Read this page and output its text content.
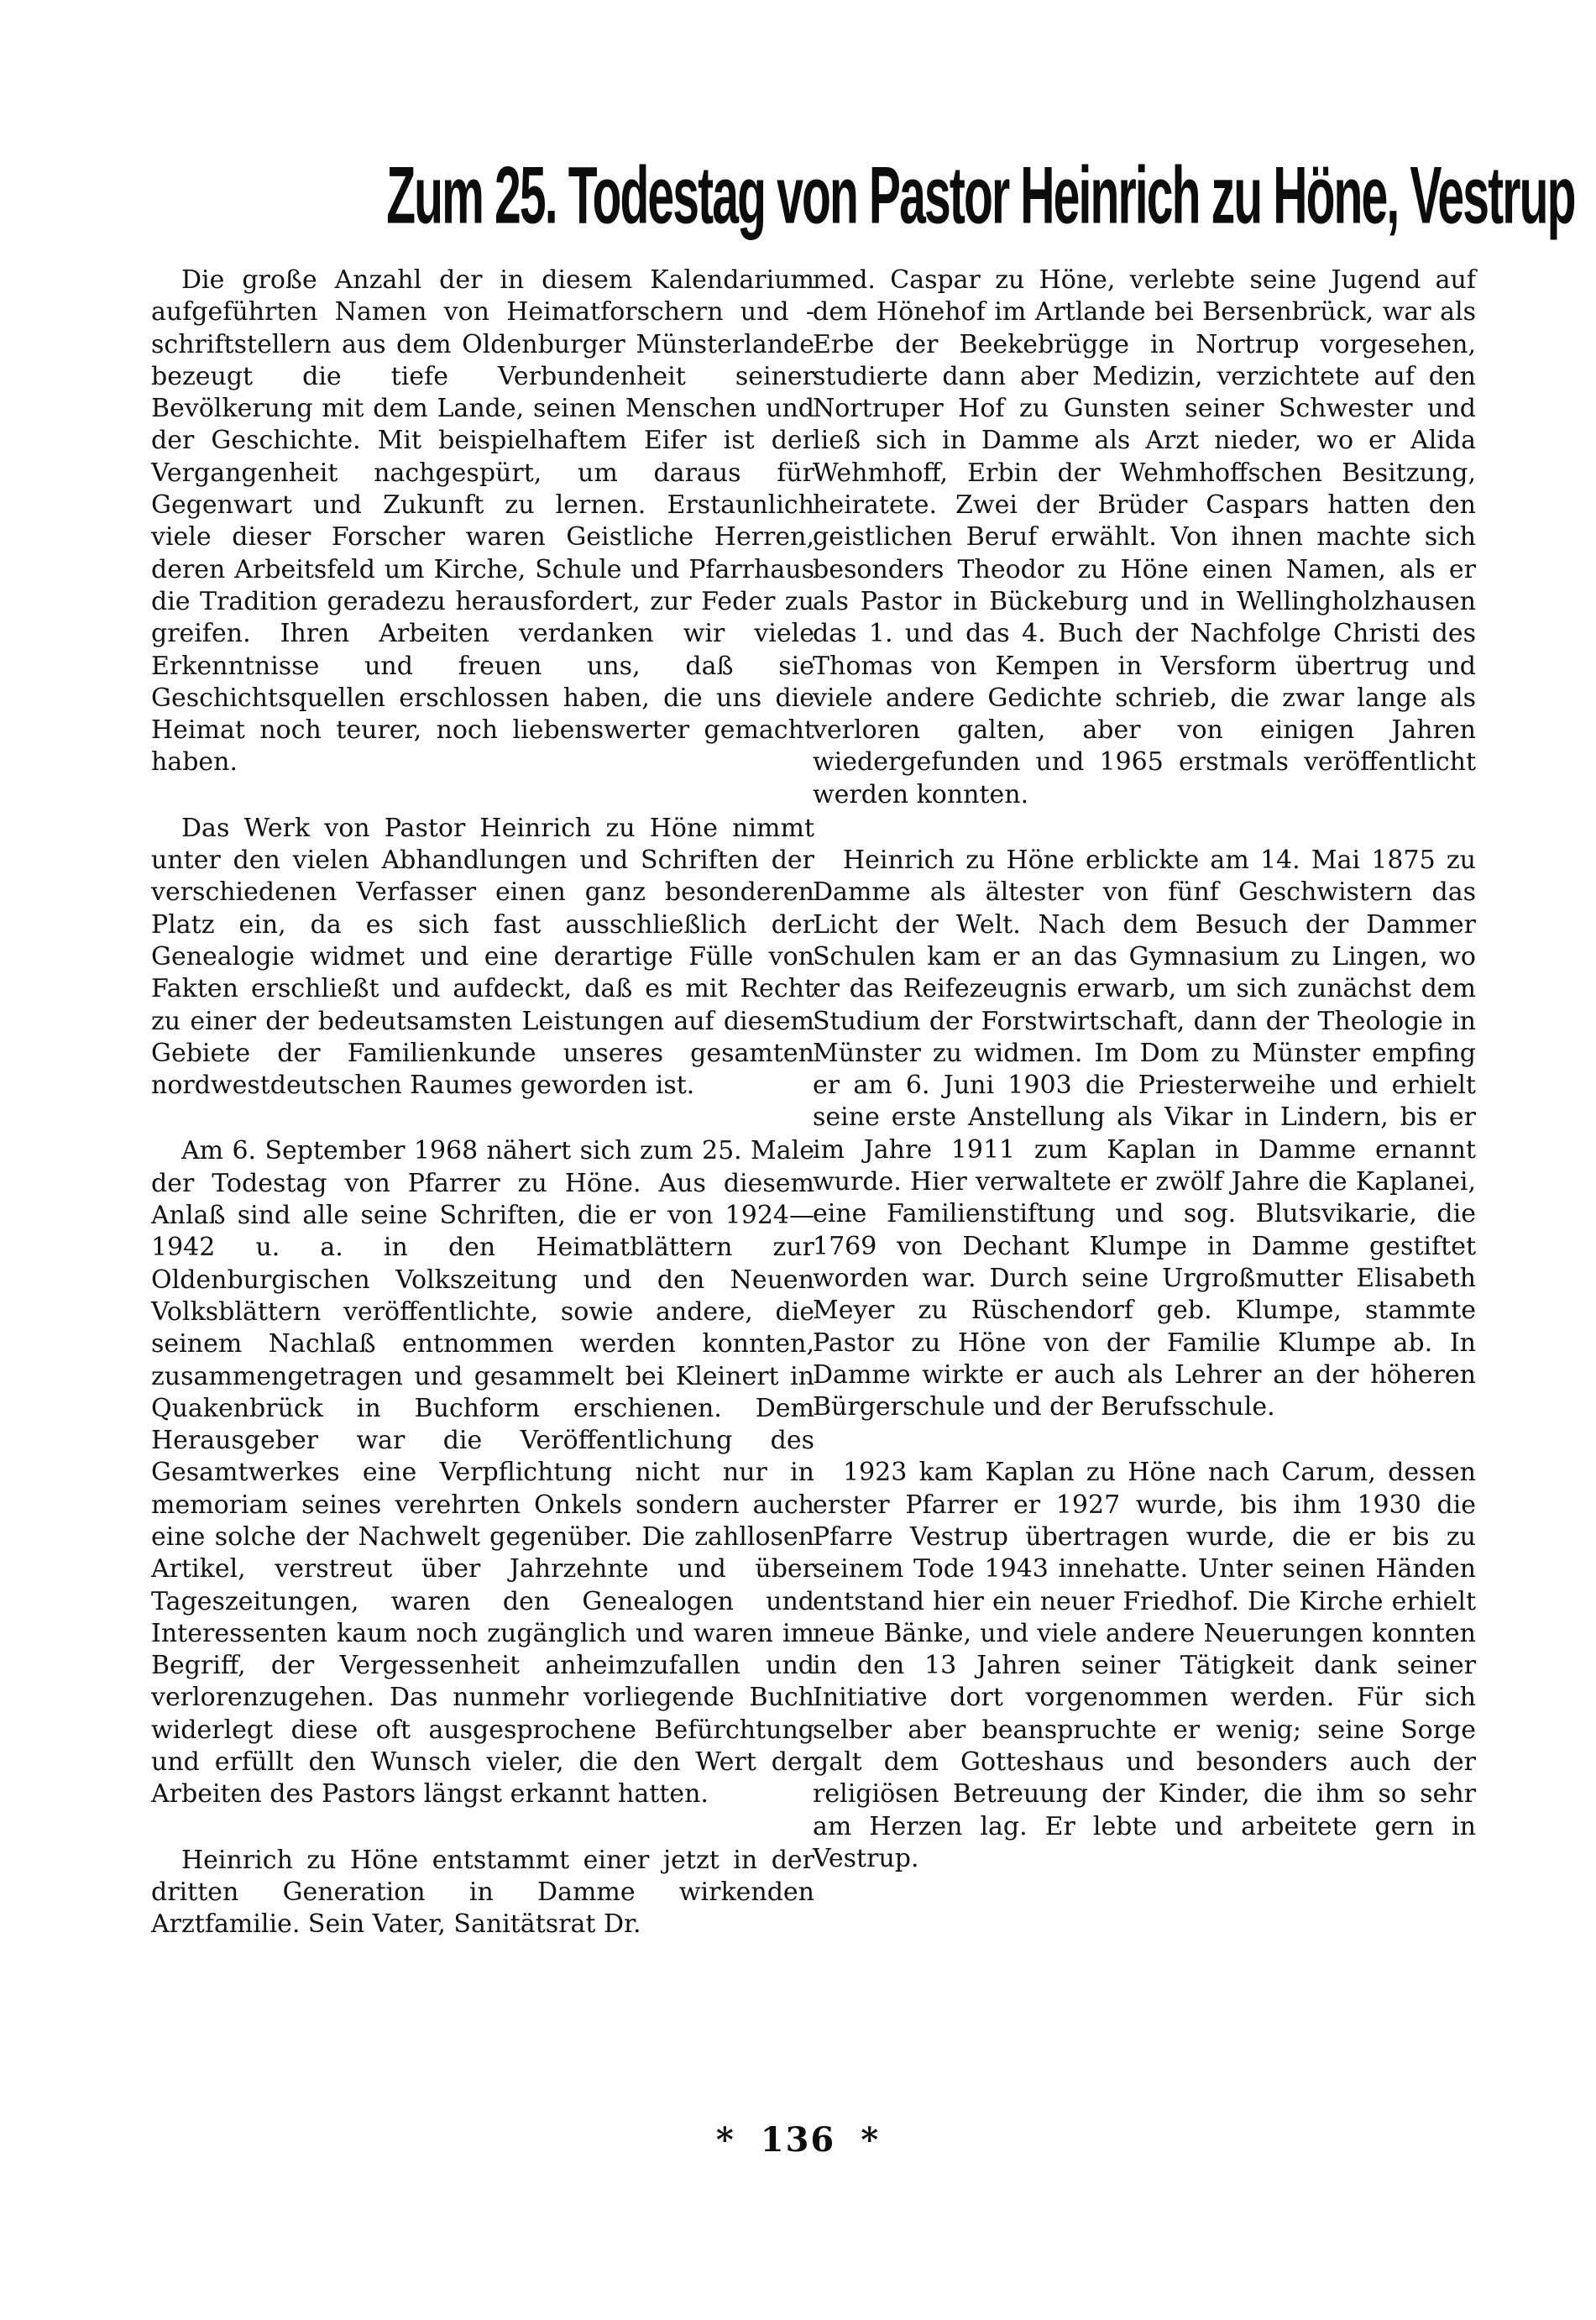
Zum 25. Todestag von Pastor Heinrich zu Höne, Vestrup

Die große Anzahl der in diesem Kalendarium aufgeführten Namen von Heimatforschern und -schriftstellern aus dem Oldenburger Münsterlande bezeugt die tiefe Verbundenheit seiner Bevölkerung mit dem Lande, seinen Menschen und der Geschichte. Mit beispielhaftem Eifer ist der Vergangenheit nachgespürt, um daraus für Gegenwart und Zukunft zu lernen. Erstaunlich viele dieser Forscher waren Geistliche Herren, deren Arbeitsfeld um Kirche, Schule und Pfarrhaus die Tradition geradezu herausfordert, zur Feder zu greifen. Ihren Arbeiten verdanken wir viele Erkenntnisse und freuen uns, daß sie Geschichtsquellen erschlossen haben, die uns die Heimat noch teurer, noch liebenswerter gemacht haben.

Das Werk von Pastor Heinrich zu Höne nimmt unter den vielen Abhandlungen und Schriften der verschiedenen Verfasser einen ganz besonderen Platz ein, da es sich fast ausschließlich der Genealogie widmet und eine derartige Fülle von Fakten erschließt und aufdeckt, daß es mit Recht zu einer der bedeutsamsten Leistungen auf diesem Gebiete der Familienkunde unseres gesamten nordwestdeutschen Raumes geworden ist.

Am 6. September 1968 nähert sich zum 25. Male der Todestag von Pfarrer zu Höne. Aus diesem Anlaß sind alle seine Schriften, die er von 1924—1942 u. a. in den Heimatblättern zur Oldenburgischen Volkszeitung und den Neuen Volksblättern veröffentlichte, sowie andere, die seinem Nachlaß entnommen werden konnten, zusammengetragen und gesammelt bei Kleinert in Quakenbrück in Buchform erschienen. Dem Herausgeber war die Veröffentlichung des Gesamtwerkes eine Verpflichtung nicht nur in memoriam seines verehrten Onkels sondern auch eine solche der Nachwelt gegenüber. Die zahllosen Artikel, verstreut über Jahrzehnte und über Tageszeitungen, waren den Genealogen und Interessenten kaum noch zugänglich und waren im Begriff, der Vergessenheit anheimzufallen und verlorenzugehen. Das nunmehr vorliegende Buch widerlegt diese oft ausgesprochene Befürchtung und erfüllt den Wunsch vieler, die den Wert der Arbeiten des Pastors längst erkannt hatten.

Heinrich zu Höne entstammt einer jetzt in der dritten Generation in Damme wirkenden Arztfamilie. Sein Vater, Sanitätsrat Dr.

med. Caspar zu Höne, verlebte seine Jugend auf dem Hönehof im Artlande bei Bersenbrück, war als Erbe der Beekebrügge in Nortrup vorgesehen, studierte dann aber Medizin, verzichtete auf den Nortruper Hof zu Gunsten seiner Schwester und ließ sich in Damme als Arzt nieder, wo er Alida Wehmhoff, Erbin der Wehmhoffschen Besitzung, heiratete. Zwei der Brüder Caspars hatten den geistlichen Beruf erwählt. Von ihnen machte sich besonders Theodor zu Höne einen Namen, als er als Pastor in Bückeburg und in Wellingholzhausen das 1. und das 4. Buch der Nachfolge Christi des Thomas von Kempen in Versform übertrug und viele andere Gedichte schrieb, die zwar lange als verloren galten, aber von einigen Jahren wiedergefunden und 1965 erstmals veröffentlicht werden konnten.

Heinrich zu Höne erblickte am 14. Mai 1875 zu Damme als ältester von fünf Geschwistern das Licht der Welt. Nach dem Besuch der Dammer Schulen kam er an das Gymnasium zu Lingen, wo er das Reifezeugnis erwarb, um sich zunächst dem Studium der Forstwirtschaft, dann der Theologie in Münster zu widmen. Im Dom zu Münster empfing er am 6. Juni 1903 die Priesterweihe und erhielt seine erste Anstellung als Vikar in Lindern, bis er im Jahre 1911 zum Kaplan in Damme ernannt wurde. Hier verwaltete er zwölf Jahre die Kaplanei, eine Familienstiftung und sog. Blutsvikarie, die 1769 von Dechant Klumpe in Damme gestiftet worden war. Durch seine Urgroßmutter Elisabeth Meyer zu Rüschendorf geb. Klumpe, stammte Pastor zu Höne von der Familie Klumpe ab. In Damme wirkte er auch als Lehrer an der höheren Bürgerschule und der Berufsschule.

1923 kam Kaplan zu Höne nach Carum, dessen erster Pfarrer er 1927 wurde, bis ihm 1930 die Pfarre Vestrup übertragen wurde, die er bis zu seinem Tode 1943 innehatte. Unter seinen Händen entstand hier ein neuer Friedhof. Die Kirche erhielt neue Bänke, und viele andere Neuerungen konnten in den 13 Jahren seiner Tätigkeit dank seiner Initiative dort vorgenommen werden. Für sich selber aber beanspruchte er wenig; seine Sorge galt dem Gotteshaus und besonders auch der religiösen Betreuung der Kinder, die ihm so sehr am Herzen lag. Er lebte und arbeitete gern in Vestrup.

* 136 *
